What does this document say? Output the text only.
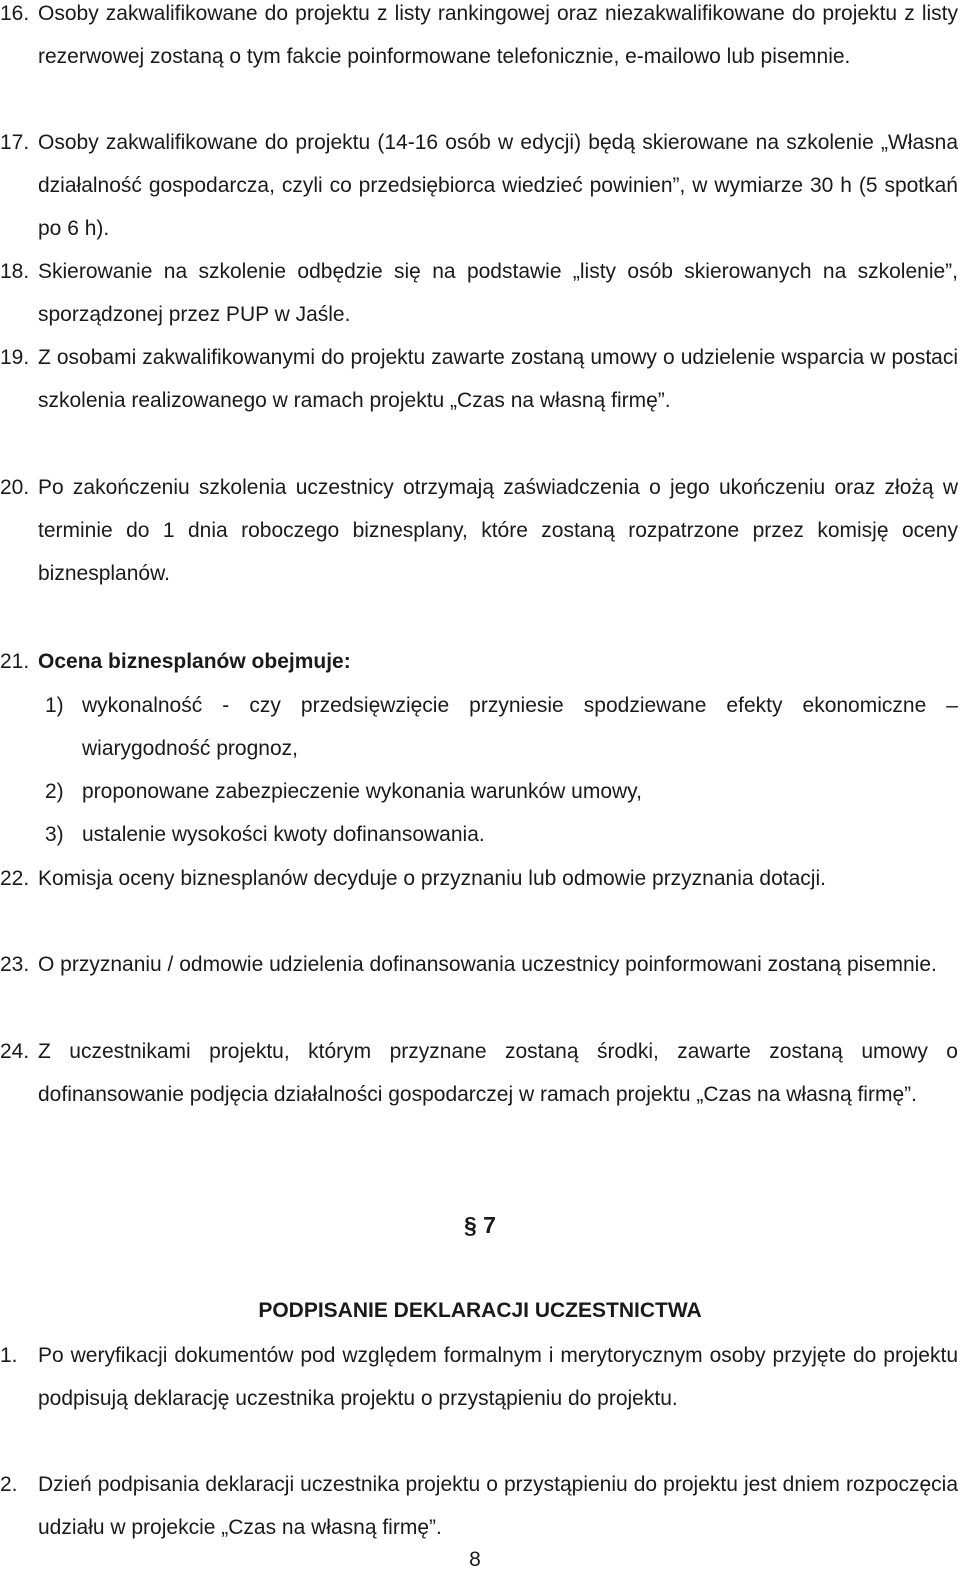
16. Osoby zakwalifikowane do projektu z listy rankingowej oraz niezakwalifikowane do projektu z listy rezerwowej zostaną o tym fakcie poinformowane telefonicznie, e-mailowo lub pisemnie.
17. Osoby zakwalifikowane do projektu (14-16 osób w edycji) będą skierowane na szkolenie „Własna działalność gospodarcza, czyli co przedsiębiorca wiedzieć powinien”, w wymiarze 30 h (5 spotkań po 6 h).
18. Skierowanie na szkolenie odbędzie się na podstawie „listy osób skierowanych na szkolenie”, sporządzonej przez PUP w Jaśle.
19. Z osobami zakwalifikowanymi do projektu zawarte zostaną umowy o udzielenie wsparcia w postaci szkolenia realizowanego w ramach projektu „Czas na własną firmę”.
20. Po zakończeniu szkolenia uczestnicy otrzymają zaświadczenia o jego ukończeniu oraz złożą w terminie do 1 dnia roboczego biznesplany, które zostaną rozpatrzone przez komisję oceny biznesplanów.
21. Ocena biznesplanów obejmuje:
1) wykonalność - czy przedsięwzięcie przyniesie spodziewane efekty ekonomiczne – wiarygodność prognoz,
2) proponowane zabezpieczenie wykonania warunków umowy,
3) ustalenie wysokości kwoty dofinansowania.
22. Komisja oceny biznesplanów decyduje o przyznaniu lub odmowie przyznania dotacji.
23. O przyznaniu / odmowie udzielenia dofinansowania uczestnicy poinformowani zostaną pisemnie.
24. Z uczestnikami projektu, którym przyznane zostaną środki, zawarte zostaną umowy o dofinansowanie podjęcia działalności gospodarczej w ramach projektu „Czas na własną firmę”.
§ 7
PODPISANIE DEKLARACJI UCZESTNICTWA
1. Po weryfikacji dokumentów pod względem formalnym i merytorycznym osoby przyjęte do projektu podpisują deklarację uczestnika projektu o przystąpieniu do projektu.
2. Dzień podpisania deklaracji uczestnika projektu o przystąpieniu do projektu jest dniem rozpoczęcia udziału w projekcie „Czas na własną firmę”.
8
